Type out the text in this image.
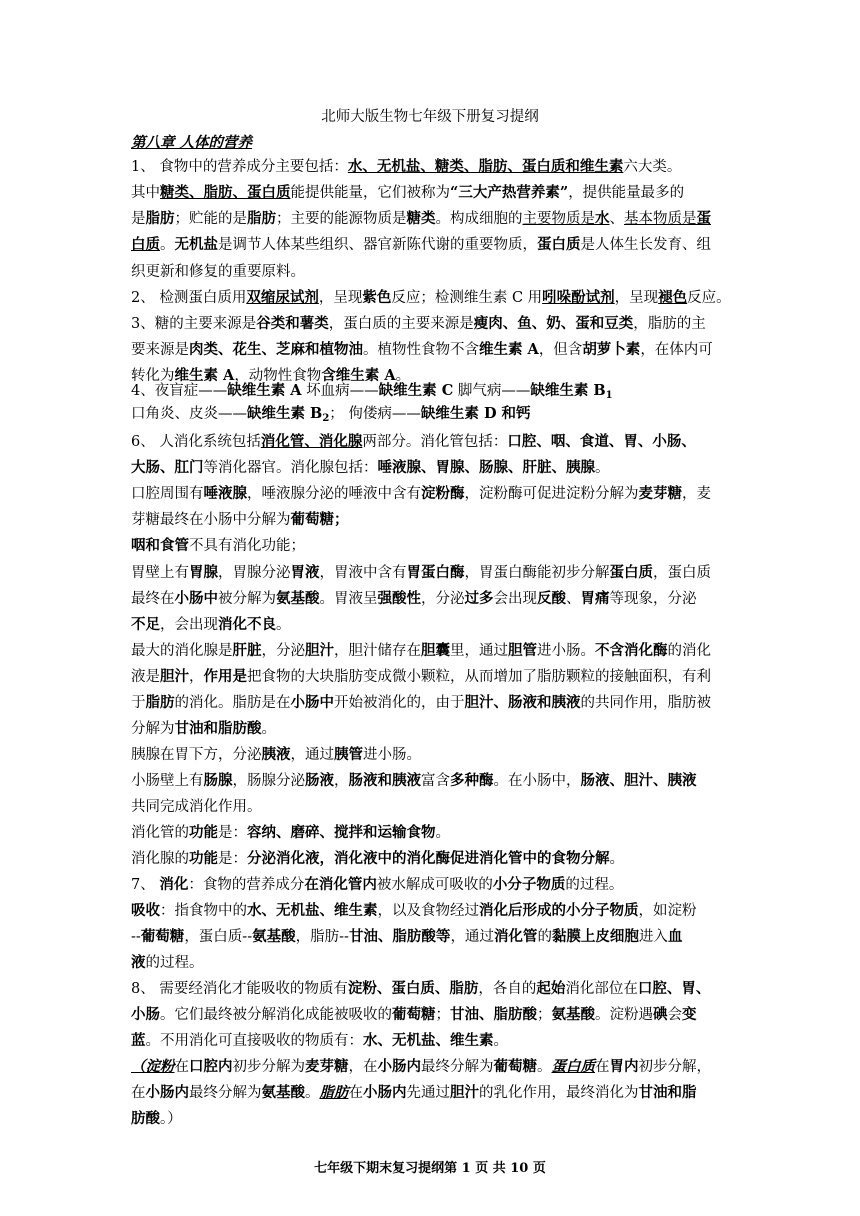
北师大版生物七年级下册复习提纲
第八章 人体的营养
1、 食物中的营养成分主要包括：水、无机盐、糖类、脂肪、蛋白质和维生素六大类。
其中糖类、脂肪、蛋白质能提供能量，它们被称为“三大产热营养素”，提供能量最多的
是脂肪；贮能的是脂肪；主要的能源物质是糖类。构成细胞的主要物质是水、基本物质是蛋
白质。无机盐是调节人体某些组织、器官新陈代谢的重要物质，蛋白质是人体生长发育、组
织更新和修复的重要原料。
2、 检测蛋白质用双缩尿试剂，呈现紫色反应；检测维生素 C 用吲哚酚试剂，呈现褪色反应。
3、糖的主要来源是谷类和薯类，蛋白质的主要来源是瘦肉、鱼、奶、蛋和豆类，脂肪的主
要来源是肉类、花生、芝麻和植物油。植物性食物不含维生素 A，但含胡萝卜素，在体内可
转化为维生素 A，动物性食物含维生素 A。
4、夜盲症——缺维生素 A 坏血病——缺维生素 C 脚气病——缺维生素 $B_1$
口角炎、皮炎——缺维生素 $B_2$； 佝偻病——缺维生素 D 和钙
6、 人消化系统包括消化管、消化腺两部分。消化管包括：口腔、咽、食道、胃、小肠、
大肠、肛门等消化器官。消化腺包括：唾液腺、胃腺、肠腺、肝脏、胰腺。
口腔周围有唾液腺，唾液腺分泌的唾液中含有淀粉酶，淀粉酶可促进淀粉分解为麦芽糖，麦
芽糖最终在小肠中分解为葡萄糖；
咽和食管不具有消化功能；
胃壁上有胃腺，胃腺分泌胃液，胃液中含有胃蛋白酶，胃蛋白酶能初步分解蛋白质，蛋白质
最终在小肠中被分解为氨基酸。胃液呈强酸性，分泌过多会出现反酸、胃痛等现象，分泌
不足，会出现消化不良。
最大的消化腺是肝脏，分泌胆汁，胆汁储存在胆囊里，通过胆管进小肠。不含消化酶的消化
液是胆汁，作用是把食物的大块脂肪变成微小颗粒，从而增加了脂肪颗粒的接触面积，有利
于脂肪的消化。脂肪是在小肠中开始被消化的，由于胆汁、肠液和胰液的共同作用，脂肪被
分解为甘油和脂肪酸。
胰腺在胃下方，分泌胰液，通过胰管进小肠。
小肠壁上有肠腺，肠腺分泌肠液，肠液和胰液富含多种酶。在小肠中，肠液、胆汁、胰液
共同完成消化作用。
消化管的功能是：容纳、磨碎、搅拌和运输食物。
消化腺的功能是：分泌消化液，消化液中的消化酶促进消化管中的食物分解。
7、 消化：食物的营养成分在消化管内被水解成可吸收的小分子物质的过程。
吸收：指食物中的水、无机盐、维生素，以及食物经过消化后形成的小分子物质，如淀粉
--葡萄糖，蛋白质--氨基酸，脂肪--甘油、脂肪酸等，通过消化管的黏膜上皮细胞进入血
液的过程。
8、 需要经消化才能吸收的物质有淀粉、蛋白质、脂肪，各自的起始消化部位在口腔、胃、
小肠。它们最终被分解消化成能被吸收的葡萄糖；甘油、脂肪酸；氨基酸。淀粉遇碘会变
蓝。不用消化可直接吸收的物质有：水、无机盐、维生素。
（淀粉在口腔内初步分解为麦芽糖，在小肠内最终分解为葡萄糖。蛋白质在胃内初步分解，
在小肠内最终分解为氨基酸。脂肪在小肠内先通过胆汁的乳化作用，最终消化为甘油和脂
肪酸。）
七年级下期末复习提纲第 1 页 共 10 页
